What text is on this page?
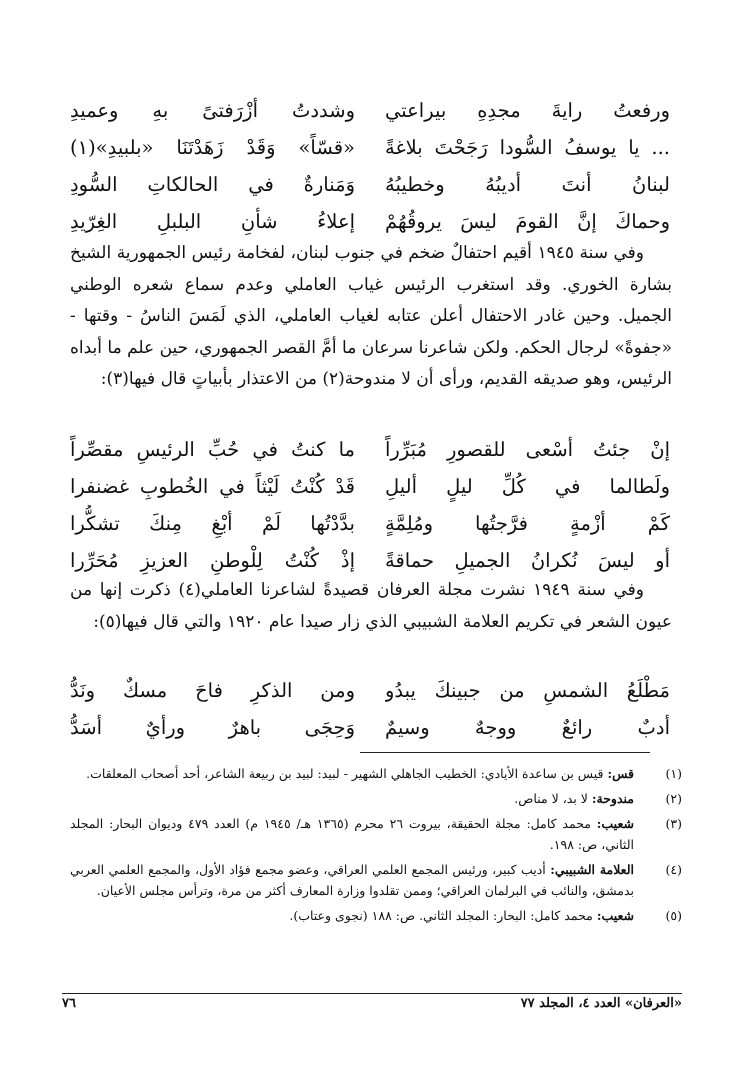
ورفعتُ رايةَ مجدِهِ بيراعتي
وشددتُ أزْرَفتىً بهِ وعميدِ
... يا يوسفُ السُّودا رَجَحْتَ بلاغةً
«قسّاً» وَقَدْ زَهَدْتَنَا «بلبيدِ»(١)
لبنانُ أنتَ أديبُهُ وخطيبُهُ
وَمَنارةٌ في الحالكاتِ السُّودِ
وحماكَ إنَّ القومَ ليسَ يروقُهُمْ
إعلاءُ شأنِ البلبلِ الغِرّيدِ

وفي سنة ١٩٤٥ أقيم احتفالٌ ضخم في جنوب لبنان، لفخامة رئيس الجمهورية الشيخ بشارة الخوري. وقد استغرب الرئيس غياب العاملي وعدم سماع شعره الوطني الجميل. وحين غادر الاحتفال أعلن عتابه لغياب العاملي، الذي لَمَسَ الناسُ - وقتها - «جفوةً» لرجال الحكم. ولكن شاعرنا سرعان ما أمَّ القصر الجمهوري، حين علم ما أبداه الرئيس، وهو صديقه القديم، ورأى أن لا مندوحة(٢) من الاعتذار بأبياتٍ قال فيها(٣):

إنْ جئتُ أسْعى للقصورِ مُبَرِّراً
ما كنتُ في حُبِّ الرئيسِ مقصِّراً
ولَطالما في كُلِّ ليلٍ أليلِ
قَدْ كُنْتُ لَيْثاً في الخُطوبِ غضنفرا
كَمْ أزْمةٍ فرَّجتُها ومُلِمَّةٍ
بدَّدْتُها لَمْ أبْغِ مِنكَ تشكُّرا
أو ليسَ نُكرانُ الجميلِ حماقةً
إذْ كُنْتُ لِلْوطنِ العزيزِ مُحَرِّرا

وفي سنة ١٩٤٩ نشرت مجلة العرفان قصيدةً لشاعرنا العاملي(٤) ذكرت إنها من عيون الشعر في تكريم العلامة الشبيبي الذي زار صيدا عام ١٩٢٠ والتي قال فيها(٥):

مَطْلَعُ الشمسِ من جبينكَ يبدُو
ومن الذكرِ فاحَ مسكٌ ونَدُّ
أدبٌ رائعٌ ووجهٌ وسيمٌ
وَحِجَى باهرٌ ورأيٌ أسَدُّ
(١)
قس: قيس بن ساعدة الأيادي: الخطيب الجاهلي الشهير - لبيد: لبيد بن ربيعة الشاعر، أحد أصحاب المعلقات.
(٢)
مندوحة: لا بد، لا مناص.
(٣)
شعيب: محمد كامل: مجلة الحقيقة، بيروت ٢٦ محرم (١٣٦٥ هـ/ ١٩٤٥ م) العدد ٤٧٩ وديوان البحار: المجلد الثاني، ص: ١٩٨.
(٤)
العلامة الشبيبي: أديب كبير، ورئيس المجمع العلمي العراقي، وعضو مجمع فؤاد الأول، والمجمع العلمي العربي بدمشق، والنائب في البرلمان العراقي؛ وممن تقلدوا وزارة المعارف أكثر من مرة، وترأس مجلس الأعيان.
(٥)
شعيب: محمد كامل: البحار: المجلد الثاني. ص: ١٨٨ (نجوى وعتاب).
«العرفان» العدد ٤، المجلد ٧٧
٧٦
